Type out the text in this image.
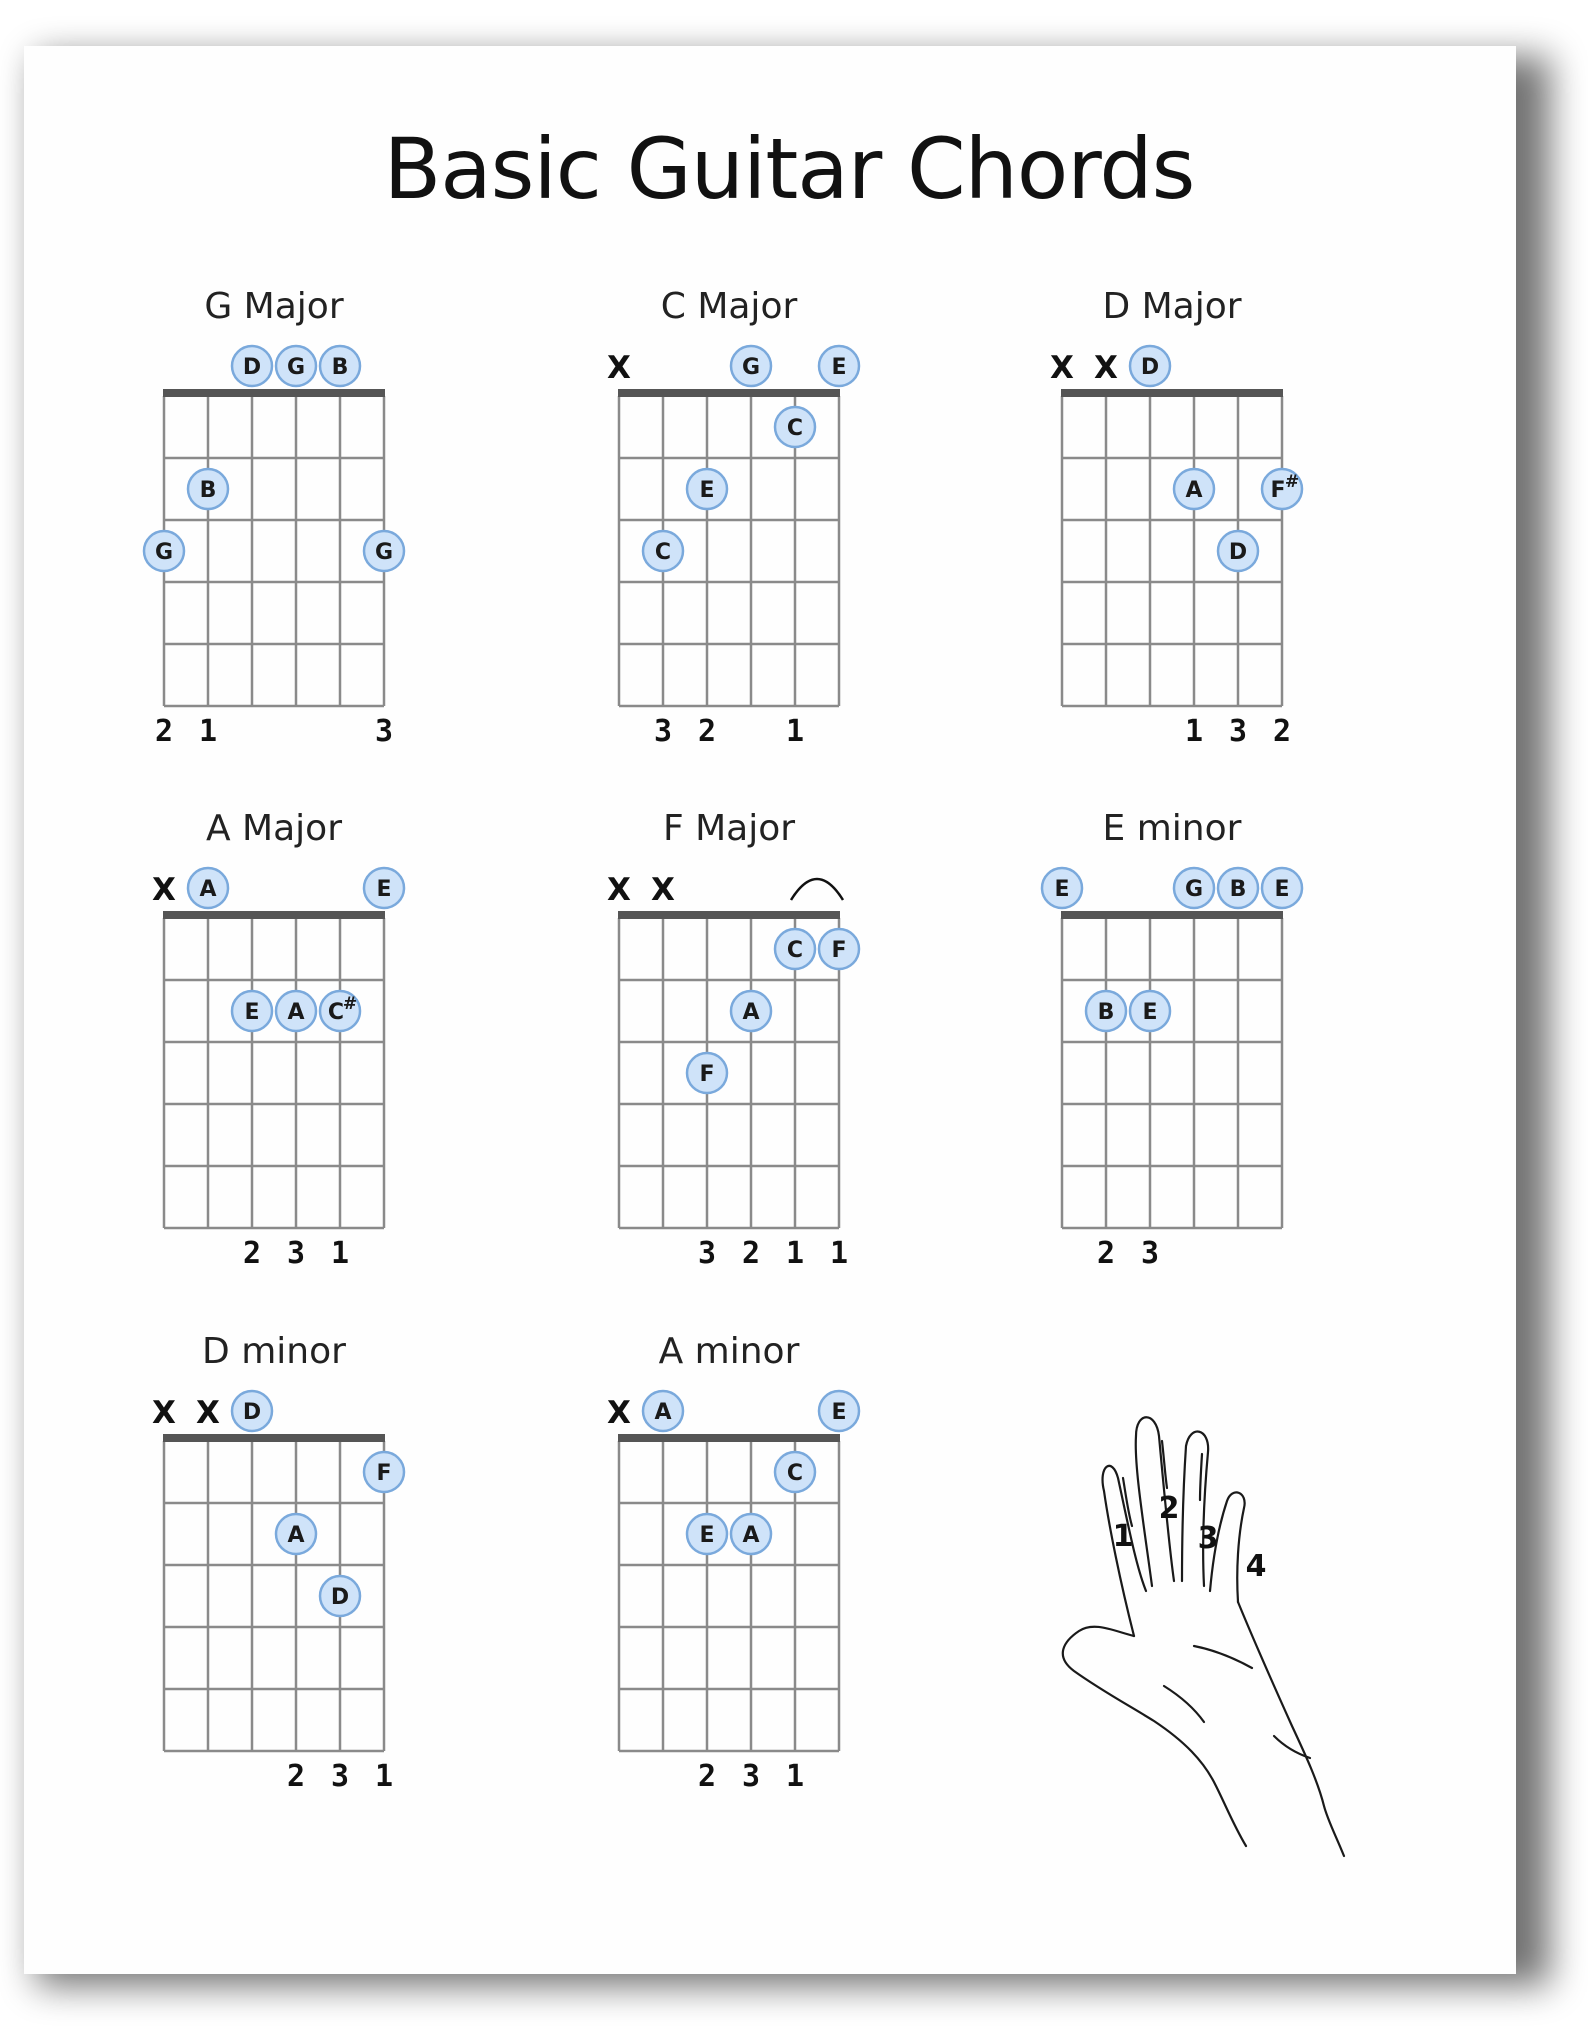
Basic Guitar Chords
G Major
D G B
B
G	G
2 1	3
C Major
X	G	E
C
E
C
3 2 1
D Major
X X D
A	F #
D
1 3 2
A Major
X A	E
E A C
#
2 3 1
F Major
X X
C F
A
F
3 2 1 1
E minor
E	G B E
B E
2 3
D minor
X X D
F
A
D
2 3 1
A minor
X A	E
C
E A
2 3 1
1
2
3
4
